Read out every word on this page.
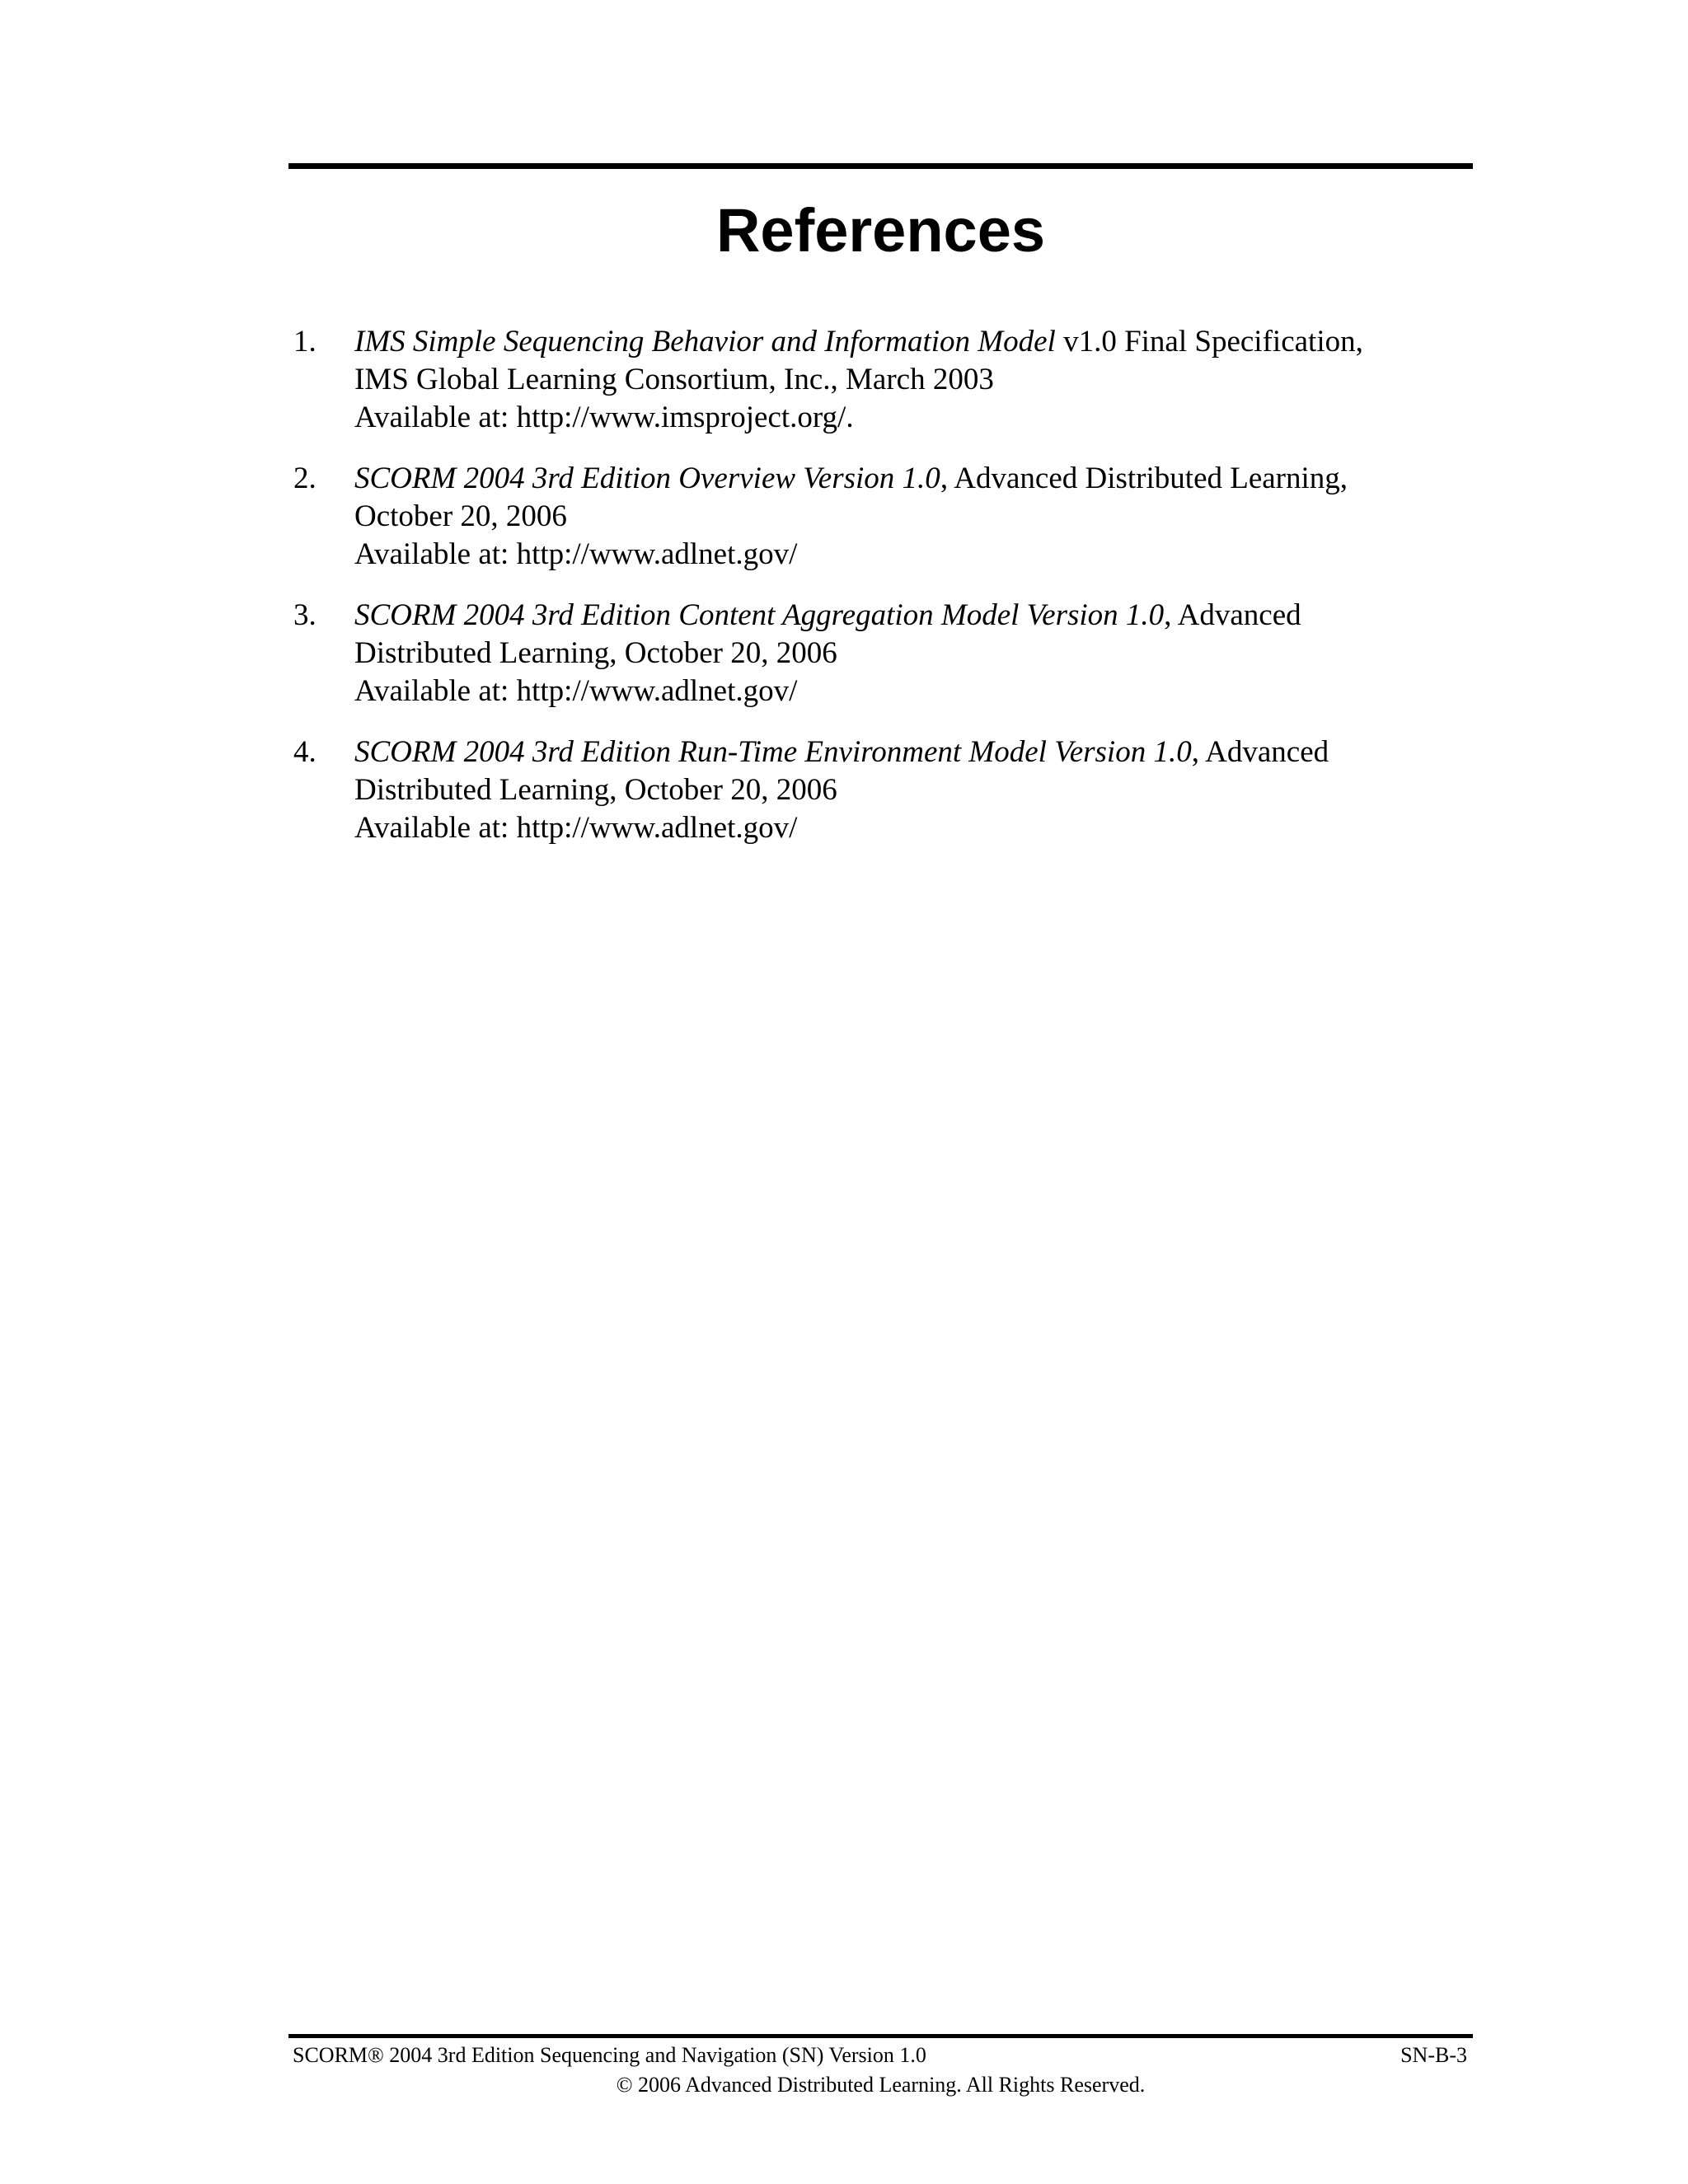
References
1. IMS Simple Sequencing Behavior and Information Model v1.0 Final Specification,
IMS Global Learning Consortium, Inc., March 2003
Available at: http://www.imsproject.org/.
2. SCORM 2004 3rd Edition Overview Version 1.0, Advanced Distributed Learning,
October 20, 2006
Available at: http://www.adlnet.gov/
3. SCORM 2004 3rd Edition Content Aggregation Model Version 1.0, Advanced
Distributed Learning, October 20, 2006
Available at: http://www.adlnet.gov/
4. SCORM 2004 3rd Edition Run-Time Environment Model Version 1.0, Advanced
Distributed Learning, October 20, 2006
Available at: http://www.adlnet.gov/
SCORM® 2004 3rd Edition Sequencing and Navigation (SN) Version 1.0	SN-B-3
© 2006 Advanced Distributed Learning. All Rights Reserved.
